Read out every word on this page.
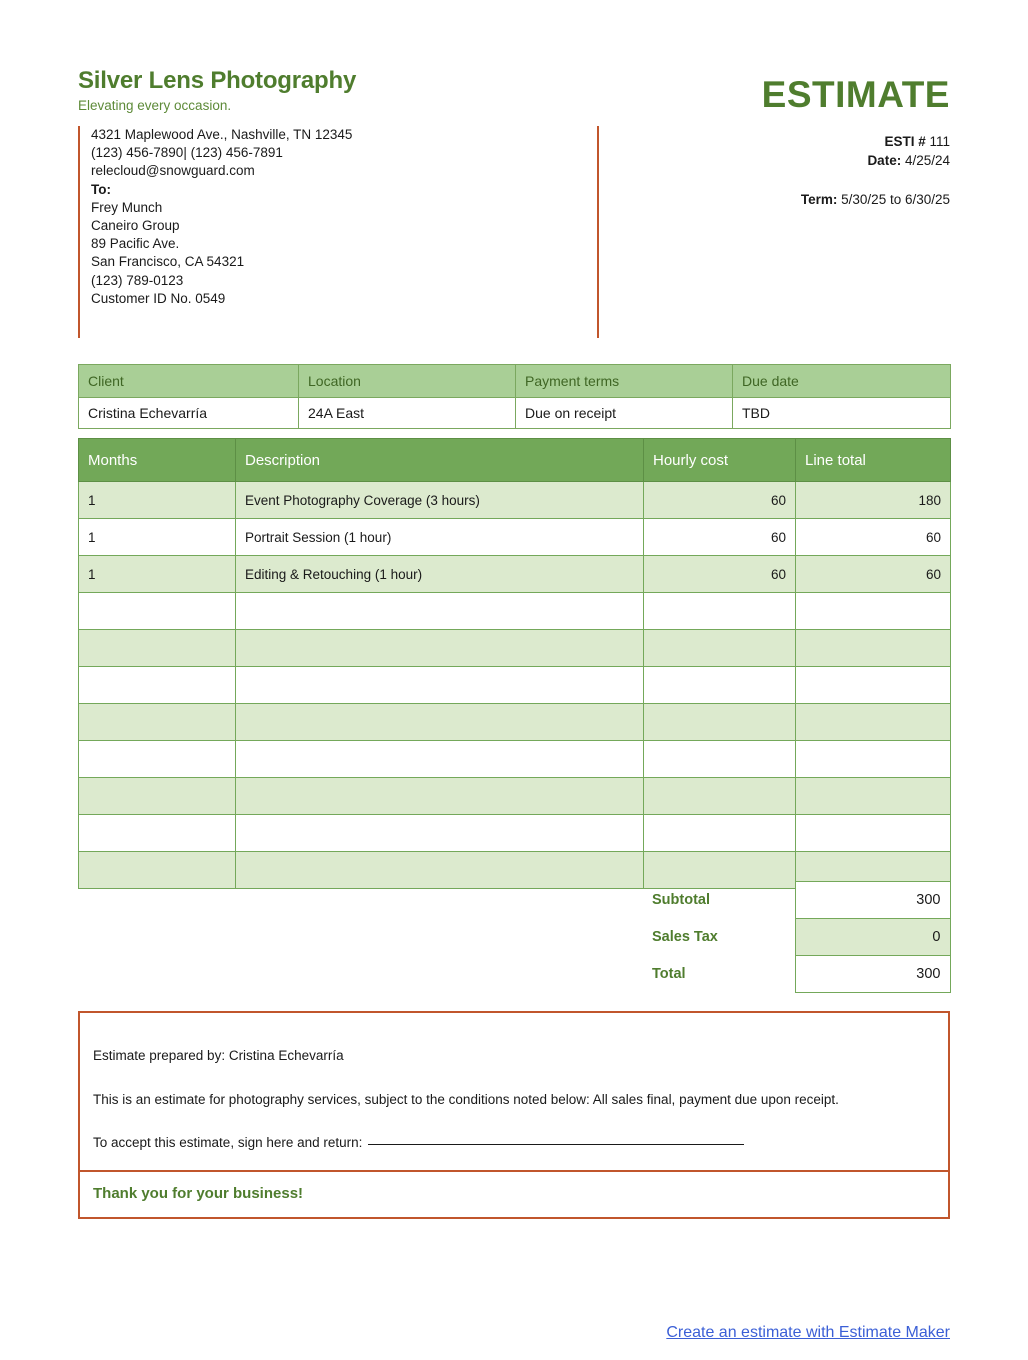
Silver Lens Photography
Elevating every occasion.
4321 Maplewood Ave., Nashville, TN 12345
(123) 456-7890| (123) 456-7891
relecloud@snowguard.com
To:
Frey Munch
Caneiro Group
89 Pacific Ave.
San Francisco, CA 54321
(123) 789-0123
Customer ID No. 0549
ESTIMATE
ESTI # 111
Date: 4/25/24
Term: 5/30/25 to 6/30/25
Client	Location	Payment terms	Due date
Cristina Echevarría	24A East	Due on receipt	TBD
Months	Description	Hourly cost	Line total
1	Event Photography Coverage (3 hours)	60	180
1	Portrait Session (1 hour)	60	60
1	Editing & Retouching (1 hour)	60	60

Subtotal	300
Sales Tax	0
Total	300
Estimate prepared by: Cristina Echevarría
This is an estimate for photography services, subject to the conditions noted below: All sales final, payment due upon receipt.
To accept this estimate, sign here and return:
Thank you for your business!
Create an estimate with Estimate Maker
